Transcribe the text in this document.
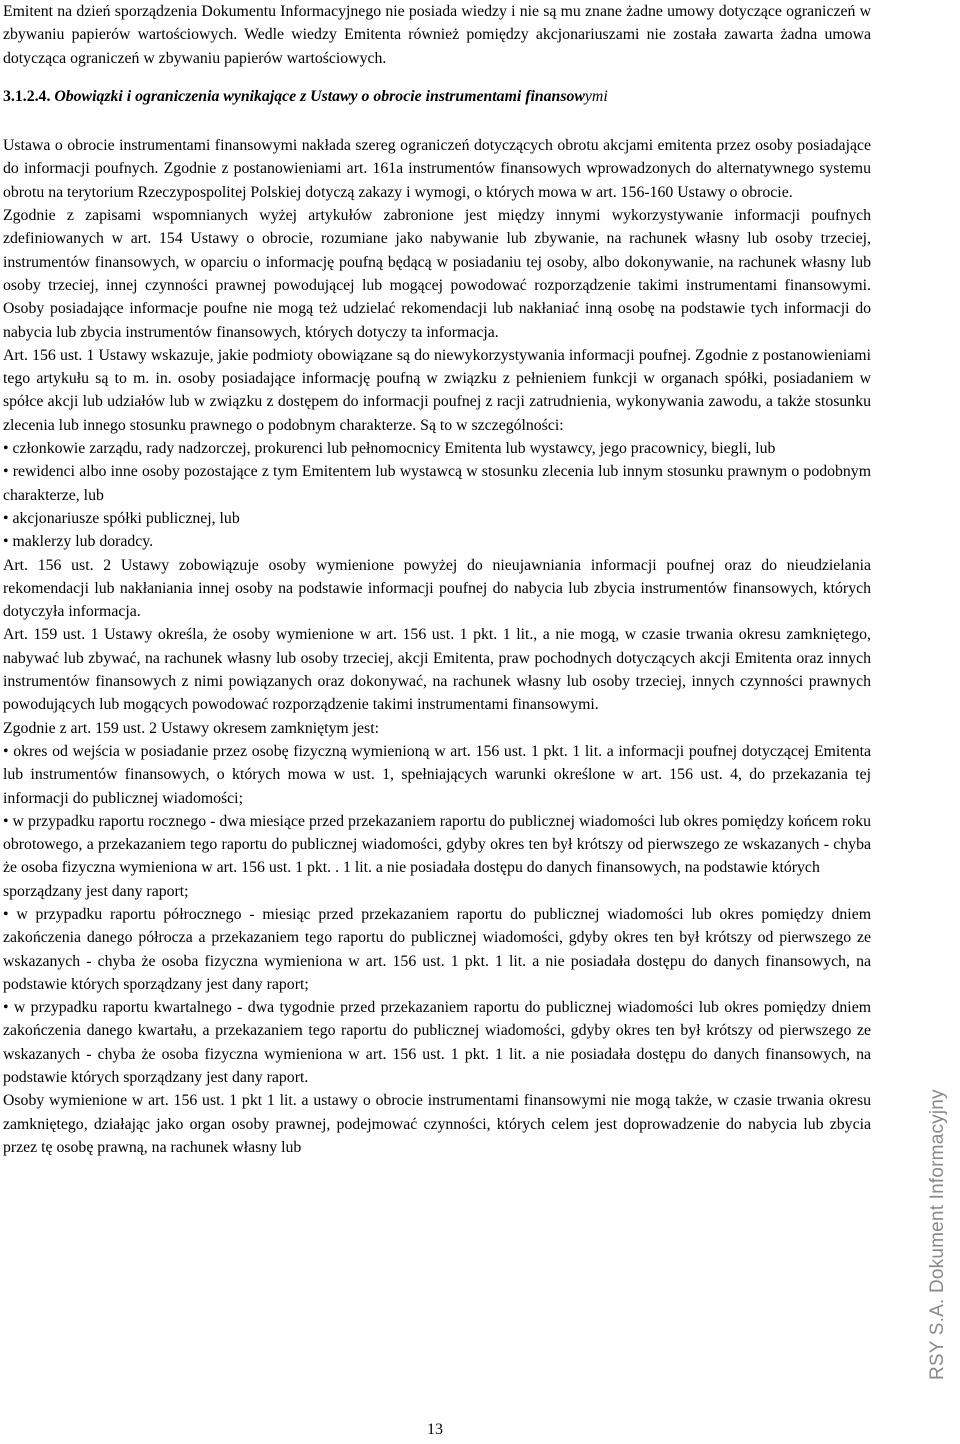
Emitent na dzień sporządzenia Dokumentu Informacyjnego nie posiada wiedzy i nie są mu znane żadne umowy dotyczące ograniczeń w zbywaniu papierów wartościowych. Wedle wiedzy Emitenta również pomiędzy akcjonariuszami nie została zawarta żadna umowa dotycząca ograniczeń w zbywaniu papierów wartościowych.

3.1.2.4. Obowiązki i ograniczenia wynikające z Ustawy o obrocie instrumentami finansowymi

Ustawa o obrocie instrumentami finansowymi nakłada szereg ograniczeń dotyczących obrotu akcjami emitenta przez osoby posiadające do informacji poufnych. Zgodnie z postanowieniami art. 161a instrumentów finansowych wprowadzonych do alternatywnego systemu obrotu na terytorium Rzeczypospolitej Polskiej dotyczą zakazy i wymogi, o których mowa w art. 156-160 Ustawy o obrocie.

Zgodnie z zapisami wspomnianych wyżej artykułów zabronione jest między innymi wykorzystywanie informacji poufnych zdefiniowanych w art. 154 Ustawy o obrocie, rozumiane jako nabywanie lub zbywanie, na rachunek własny lub osoby trzeciej, instrumentów finansowych, w oparciu o informację poufną będącą w posiadaniu tej osoby, albo dokonywanie, na rachunek własny lub osoby trzeciej, innej czynności prawnej powodującej lub mogącej powodować rozporządzenie takimi instrumentami finansowymi. Osoby posiadające informacje poufne nie mogą też udzielać rekomendacji lub nakłaniać inną osobę na podstawie tych informacji do nabycia lub zbycia instrumentów finansowych, których dotyczy ta informacja.

Art. 156 ust. 1 Ustawy wskazuje, jakie podmioty obowiązane są do niewykorzystywania informacji poufnej. Zgodnie z postanowieniami tego artykułu są to m. in. osoby posiadające informację poufną w związku z pełnieniem funkcji w organach spółki, posiadaniem w spółce akcji lub udziałów lub w związku z dostępem do informacji poufnej z racji zatrudnienia, wykonywania zawodu, a także stosunku zlecenia lub innego stosunku prawnego o podobnym charakterze. Są to w szczególności:

• członkowie zarządu, rady nadzorczej, prokurenci lub pełnomocnicy Emitenta lub wystawcy, jego pracownicy, biegli, lub

• rewidenci albo inne osoby pozostające z tym Emitentem lub wystawcą w stosunku zlecenia lub innym stosunku prawnym o podobnym charakterze, lub

• akcjonariusze spółki publicznej, lub

• maklerzy lub doradcy.

Art. 156 ust. 2 Ustawy zobowiązuje osoby wymienione powyżej do nieujawniania informacji poufnej oraz do nieudzielania rekomendacji lub nakłaniania innej osoby na podstawie informacji poufnej do nabycia lub zbycia instrumentów finansowych, których dotyczyła informacja.

Art. 159 ust. 1 Ustawy określa, że osoby wymienione w art. 156 ust. 1 pkt. 1 lit., a nie mogą, w czasie trwania okresu zamkniętego, nabywać lub zbywać, na rachunek własny lub osoby trzeciej, akcji Emitenta, praw pochodnych dotyczących akcji Emitenta oraz innych instrumentów finansowych z nimi powiązanych oraz dokonywać, na rachunek własny lub osoby trzeciej, innych czynności prawnych powodujących lub mogących powodować rozporządzenie takimi instrumentami finansowymi.

Zgodnie z art. 159 ust. 2 Ustawy okresem zamkniętym jest:

• okres od wejścia w posiadanie przez osobę fizyczną wymienioną w art. 156 ust. 1 pkt. 1 lit. a informacji poufnej dotyczącej Emitenta lub instrumentów finansowych, o których mowa w ust. 1, spełniających warunki określone w art. 156 ust. 4, do przekazania tej informacji do publicznej wiadomości;

• w przypadku raportu rocznego - dwa miesiące przed przekazaniem raportu do publicznej wiadomości lub okres pomiędzy końcem roku obrotowego, a przekazaniem tego raportu do publicznej wiadomości, gdyby okres ten był krótszy od pierwszego ze wskazanych - chyba że osoba fizyczna wymieniona w art. 156 ust. 1 pkt. . 1 lit. a nie posiadała dostępu do danych finansowych, na podstawie których

sporządzany jest dany raport;

• w przypadku raportu półrocznego - miesiąc przed przekazaniem raportu do publicznej wiadomości lub okres pomiędzy dniem zakończenia danego półrocza a przekazaniem tego raportu do publicznej wiadomości, gdyby okres ten był krótszy od pierwszego ze wskazanych - chyba że osoba fizyczna wymieniona w art. 156 ust. 1 pkt. 1 lit. a nie posiadała dostępu do danych finansowych, na podstawie których sporządzany jest dany raport;

• w przypadku raportu kwartalnego - dwa tygodnie przed przekazaniem raportu do publicznej wiadomości lub okres pomiędzy dniem zakończenia danego kwartału, a przekazaniem tego raportu do publicznej wiadomości, gdyby okres ten był krótszy od pierwszego ze wskazanych - chyba że osoba fizyczna wymieniona w art. 156 ust. 1 pkt. 1 lit. a nie posiadała dostępu do danych finansowych, na podstawie których sporządzany jest dany raport.

Osoby wymienione w art. 156 ust. 1 pkt 1 lit. a ustawy o obrocie instrumentami finansowymi nie mogą także, w czasie trwania okresu zamkniętego, działając jako organ osoby prawnej, podejmować czynności, których celem jest doprowadzenie do nabycia lub zbycia przez tę osobę prawną, na rachunek własny lub

13
RSY S.A. Dokument Informacyjny
